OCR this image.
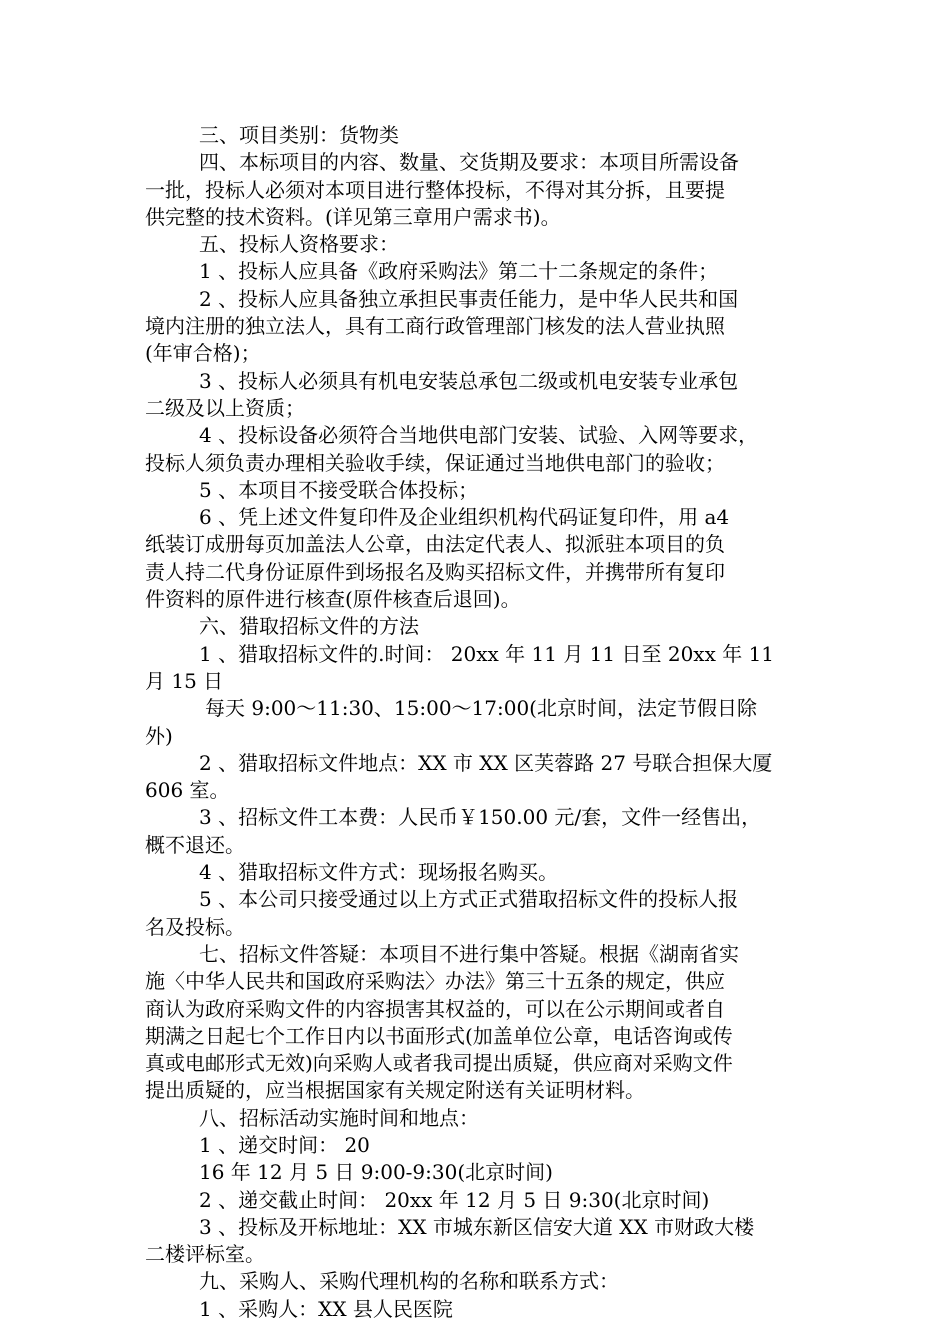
三、项目类别：货物类
四、本标项目的内容、数量、交货期及要求：本项目所需设备
一批，投标人必须对本项目进行整体投标，不得对其分拆，且要提
供完整的技术资料。(详见第三章用户需求书)。
五、投标人资格要求：
1 、投标人应具备《政府采购法》第二十二条规定的条件；
2 、投标人应具备独立承担民事责任能力，是中华人民共和国
境内注册的独立法人，具有工商行政管理部门核发的法人营业执照
(年审合格)；
3 、投标人必须具有机电安装总承包二级或机电安装专业承包
二级及以上资质；
4 、投标设备必须符合当地供电部门安装、试验、入网等要求，
投标人须负责办理相关验收手续，保证通过当地供电部门的验收；
5 、本项目不接受联合体投标；
6 、凭上述文件复印件及企业组织机构代码证复印件，用 a4
纸装订成册每页加盖法人公章，由法定代表人、拟派驻本项目的负
责人持二代身份证原件到场报名及购买招标文件，并携带所有复印
件资料的原件进行核查(原件核查后退回)。
六、猎取招标文件的方法
1 、猎取招标文件的.时间： 20xx 年 11 月 11 日至 20xx 年 11
月 15 日
每天 9:00～11:30、15:00～17:00(北京时间，法定节假日除
外)
2 、猎取招标文件地点：XX 市 XX 区芙蓉路 27 号联合担保大厦
606 室。
3 、招标文件工本费：人民币￥150.00 元/套，文件一经售出，
概不退还。
4 、猎取招标文件方式：现场报名购买。
5 、本公司只接受通过以上方式正式猎取招标文件的投标人报
名及投标。
七、招标文件答疑：本项目不进行集中答疑。根据《湖南省实
施〈中华人民共和国政府采购法〉办法》第三十五条的规定，供应
商认为政府采购文件的内容损害其权益的，可以在公示期间或者自
期满之日起七个工作日内以书面形式(加盖单位公章，电话咨询或传
真或电邮形式无效)向采购人或者我司提出质疑，供应商对采购文件
提出质疑的，应当根据国家有关规定附送有关证明材料。
八、招标活动实施时间和地点：
1 、递交时间： 20
16 年 12 月 5 日 9:00-9:30(北京时间)
2 、递交截止时间： 20xx 年 12 月 5 日 9:30(北京时间)
3 、投标及开标地址：XX 市城东新区信安大道 XX 市财政大楼
二楼评标室。
九、采购人、采购代理机构的名称和联系方式：
1 、采购人：XX 县人民医院
